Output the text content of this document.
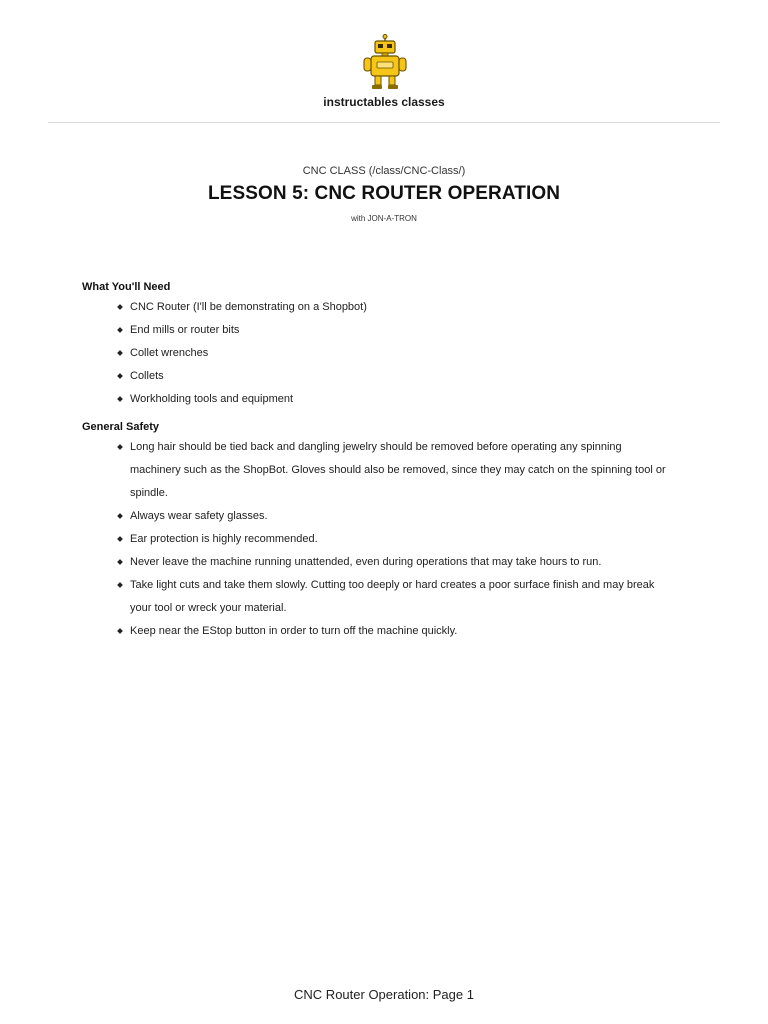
instructables classes
CNC CLASS (/class/CNC-Class/)
LESSON 5: CNC ROUTER OPERATION
with JON-A-TRON
What You'll Need
CNC Router (I'll be demonstrating on a Shopbot)
End mills or router bits
Collet wrenches
Collets
Workholding tools and equipment
General Safety
Long hair should be tied back and dangling jewelry should be removed before operating any spinning machinery such as the ShopBot. Gloves should also be removed, since they may catch on the spinning tool or spindle.
Always wear safety glasses.
Ear protection is highly recommended.
Never leave the machine running unattended, even during operations that may take hours to run.
Take light cuts and take them slowly. Cutting too deeply or hard creates a poor surface finish and may break your tool or wreck your material.
Keep near the EStop button in order to turn off the machine quickly.
CNC Router Operation: Page 1
